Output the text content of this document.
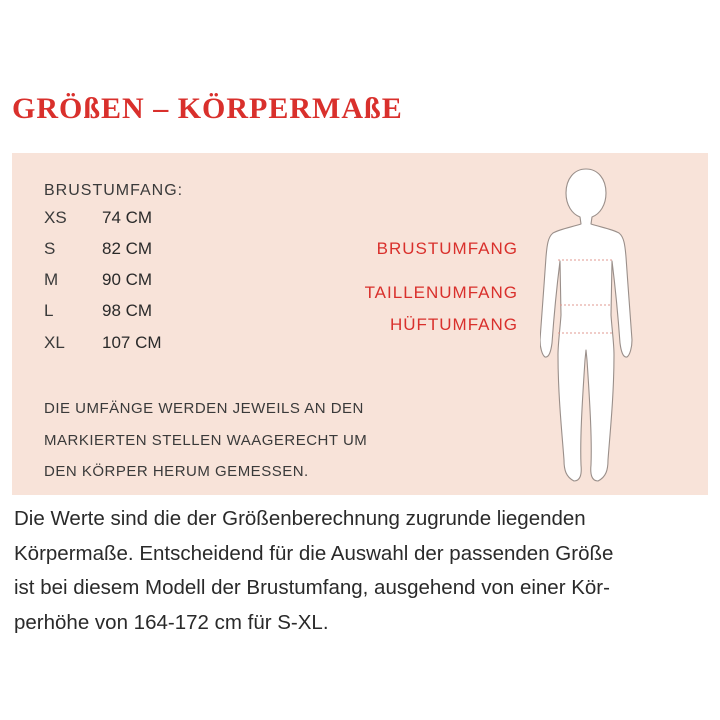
GRÖßEN – KÖRPERMAßE
BRUSTUMFANG:
XS	74 CM
S	82 CM
M	90 CM
L	98 CM
XL	107 CM
DIE UMFÄNGE WERDEN JEWEILS AN DEN
MARKIERTEN STELLEN WAAGERECHT UM
DEN KÖRPER HERUM GEMESSEN.
BRUSTUMFANG
TAILLENUMFANG
HÜFTUMFANG
Die Werte sind die der Größenberechnung zugrunde liegenden
Körpermaße. Entscheidend für die Auswahl der passenden Größe
ist bei diesem Modell der Brustumfang, ausgehend von einer Kör-
perhöhe von 164-172 cm für S-XL.
